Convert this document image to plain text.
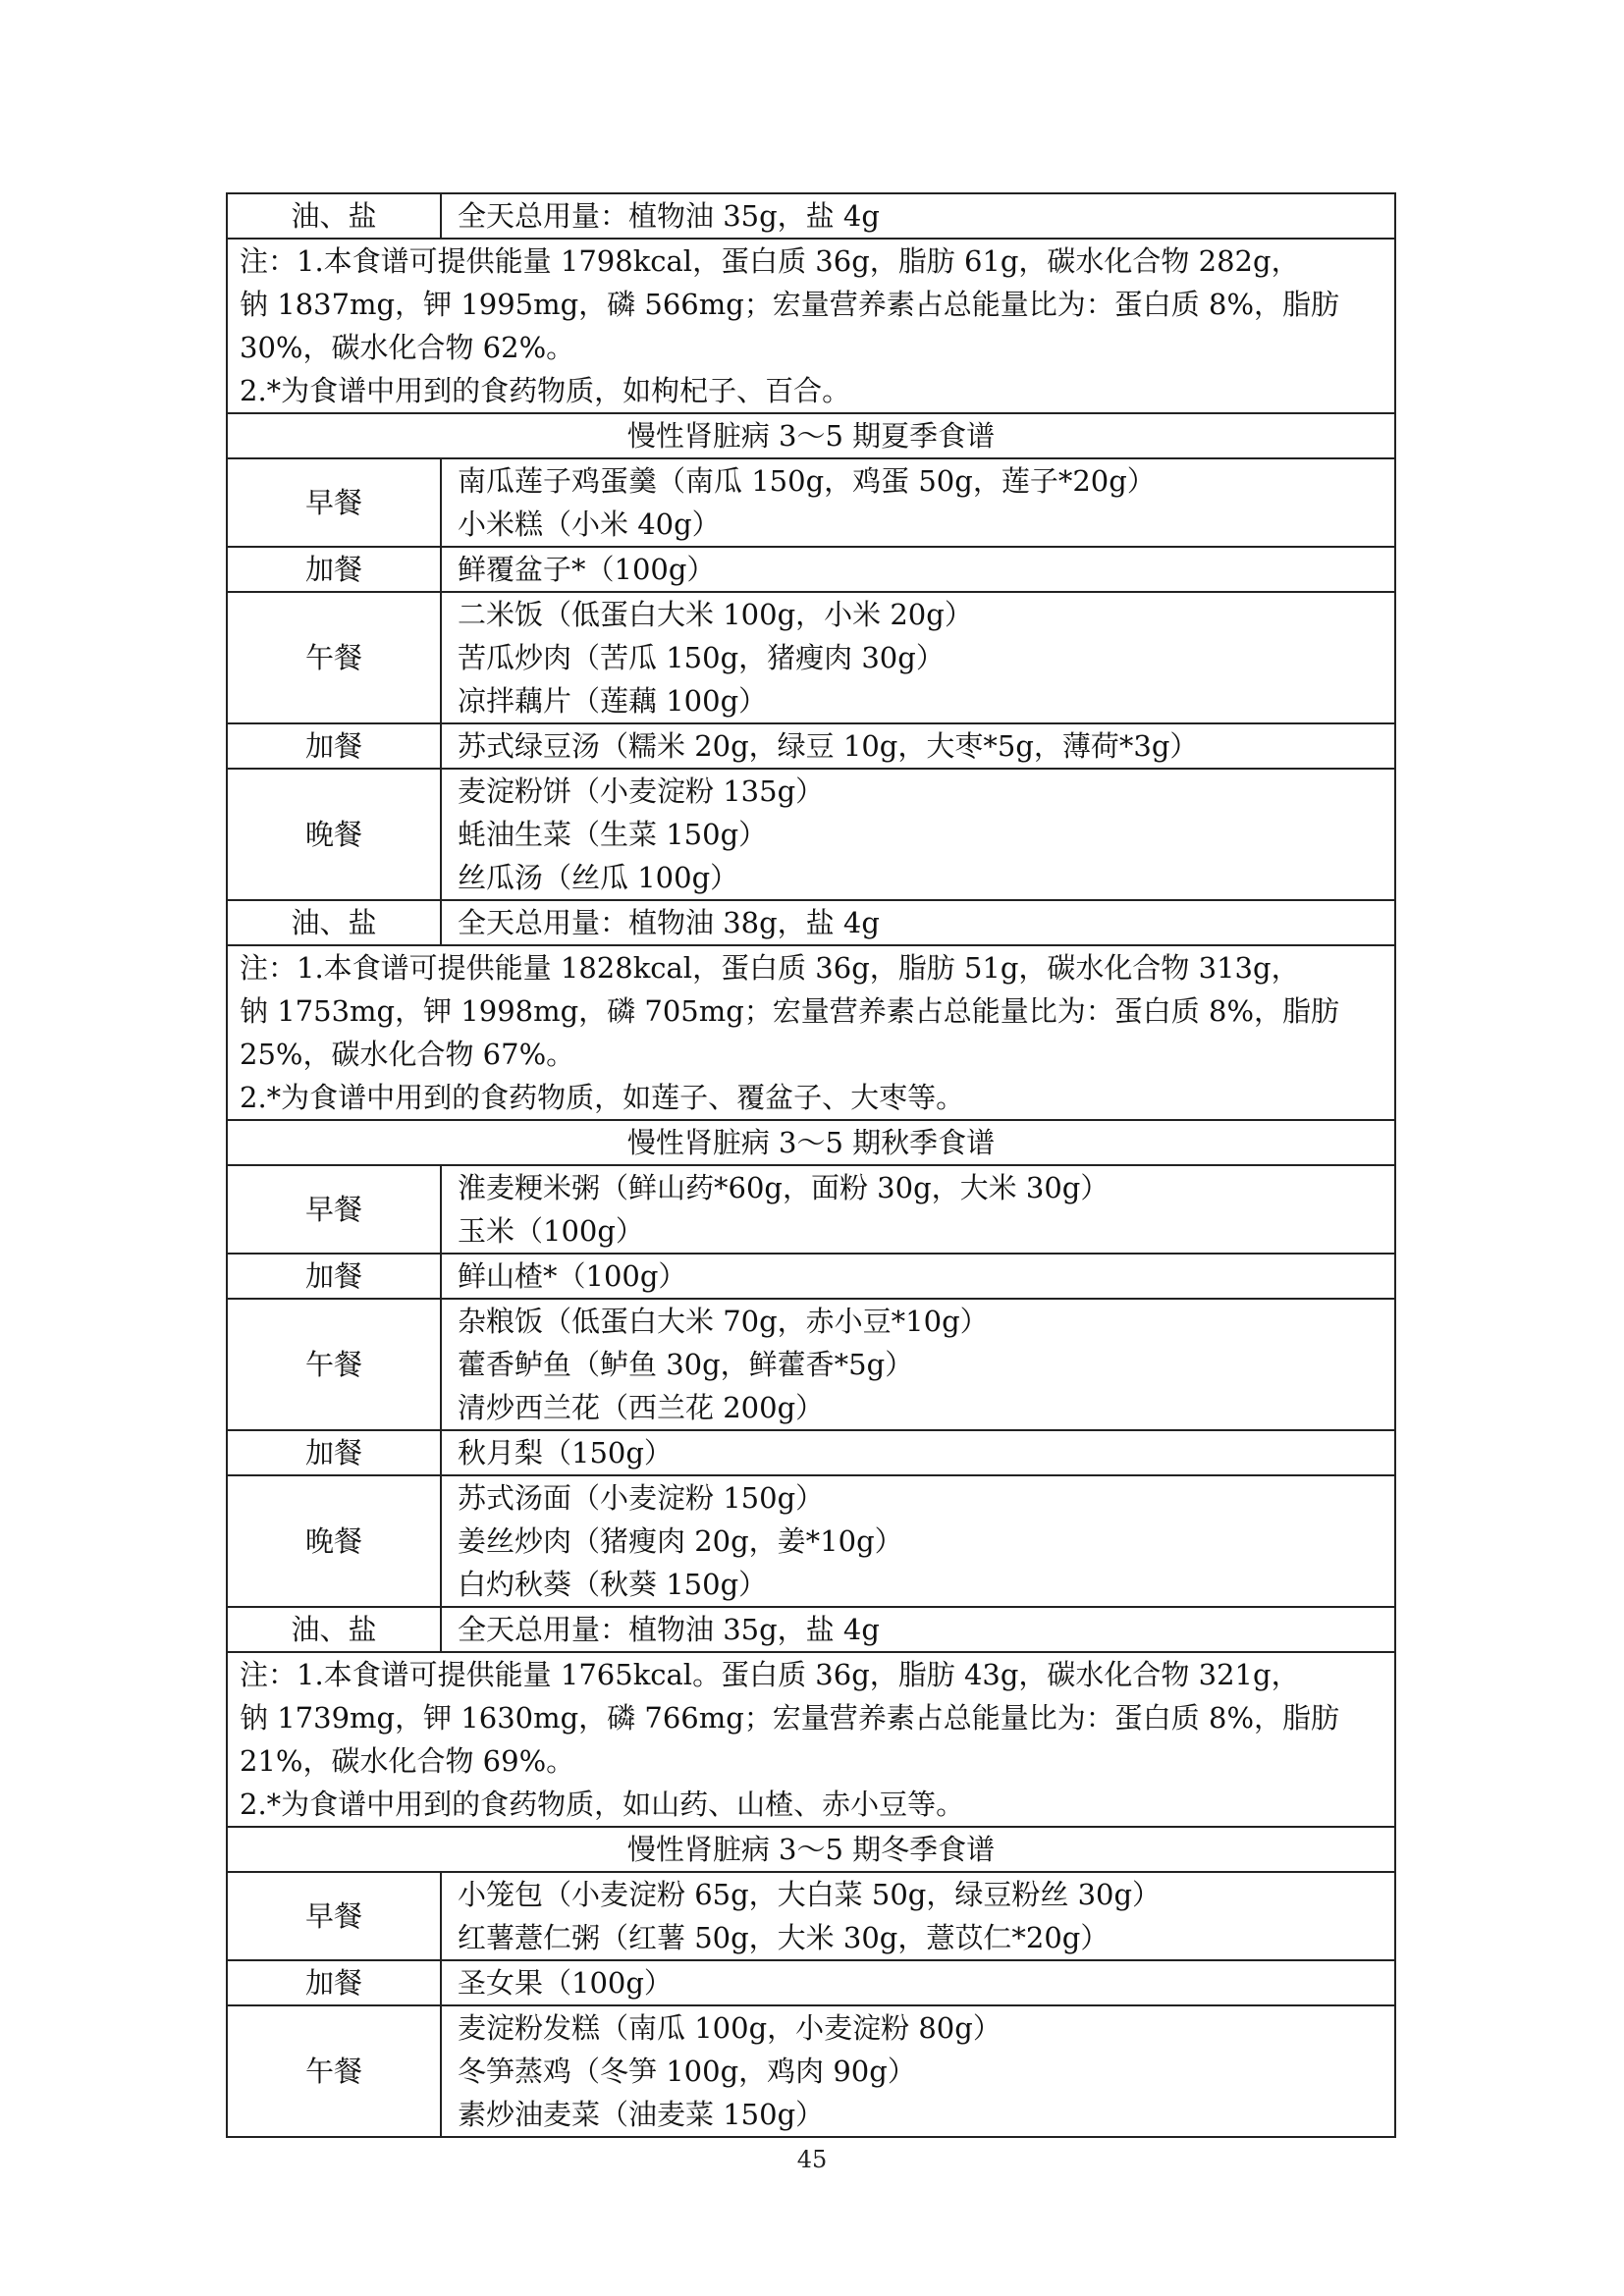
油、盐	全天总用量：植物油 35g，盐 4g

注：1.本食谱可提供能量 1798kcal，蛋白质 36g，脂肪 61g，碳水化合物 282g，
钠 1837mg，钾 1995mg，磷 566mg；宏量营养素占总能量比为：蛋白质 8%，脂肪
30%，碳水化合物 62%。
2.*为食谱中用到的食药物质，如枸杞子、百合。	

慢性肾脏病 3～5 期夏季食谱	
早餐	南瓜莲子鸡蛋羹（南瓜 150g，鸡蛋 50g，莲子*20g）
小米糕（小米 40g）

加餐	鲜覆盆子*（100g）

午餐	二米饭（低蛋白大米 100g，小米 20g）
苦瓜炒肉（苦瓜 150g，猪瘦肉 30g）
凉拌藕片（莲藕 100g）

加餐	苏式绿豆汤（糯米 20g，绿豆 10g，大枣*5g，薄荷*3g）

晚餐	麦淀粉饼（小麦淀粉 135g）
蚝油生菜（生菜 150g）
丝瓜汤（丝瓜 100g）

油、盐	全天总用量：植物油 38g，盐 4g

注：1.本食谱可提供能量 1828kcal，蛋白质 36g，脂肪 51g，碳水化合物 313g，
钠 1753mg，钾 1998mg，磷 705mg；宏量营养素占总能量比为：蛋白质 8%，脂肪
25%，碳水化合物 67%。
2.*为食谱中用到的食药物质，如莲子、覆盆子、大枣等。	

慢性肾脏病 3～5 期秋季食谱	
早餐	淮麦粳米粥（鲜山药*60g，面粉 30g，大米 30g）
玉米（100g）

加餐	鲜山楂*（100g）

午餐	杂粮饭（低蛋白大米 70g，赤小豆*10g）
藿香鲈鱼（鲈鱼 30g，鲜藿香*5g）
清炒西兰花（西兰花 200g）

加餐	秋月梨（150g）

晚餐	苏式汤面（小麦淀粉 150g）
姜丝炒肉（猪瘦肉 20g，姜*10g）
白灼秋葵（秋葵 150g）

油、盐	全天总用量：植物油 35g，盐 4g

注：1.本食谱可提供能量 1765kcal。蛋白质 36g，脂肪 43g，碳水化合物 321g，
钠 1739mg，钾 1630mg，磷 766mg；宏量营养素占总能量比为：蛋白质 8%，脂肪
21%，碳水化合物 69%。
2.*为食谱中用到的食药物质，如山药、山楂、赤小豆等。	

慢性肾脏病 3～5 期冬季食谱	
早餐	小笼包（小麦淀粉 65g，大白菜 50g，绿豆粉丝 30g）
红薯薏仁粥（红薯 50g，大米 30g，薏苡仁*20g）

加餐	圣女果（100g）

午餐	麦淀粉发糕（南瓜 100g，小麦淀粉 80g）
冬笋蒸鸡（冬笋 100g，鸡肉 90g）
素炒油麦菜（油麦菜 150g）
45
